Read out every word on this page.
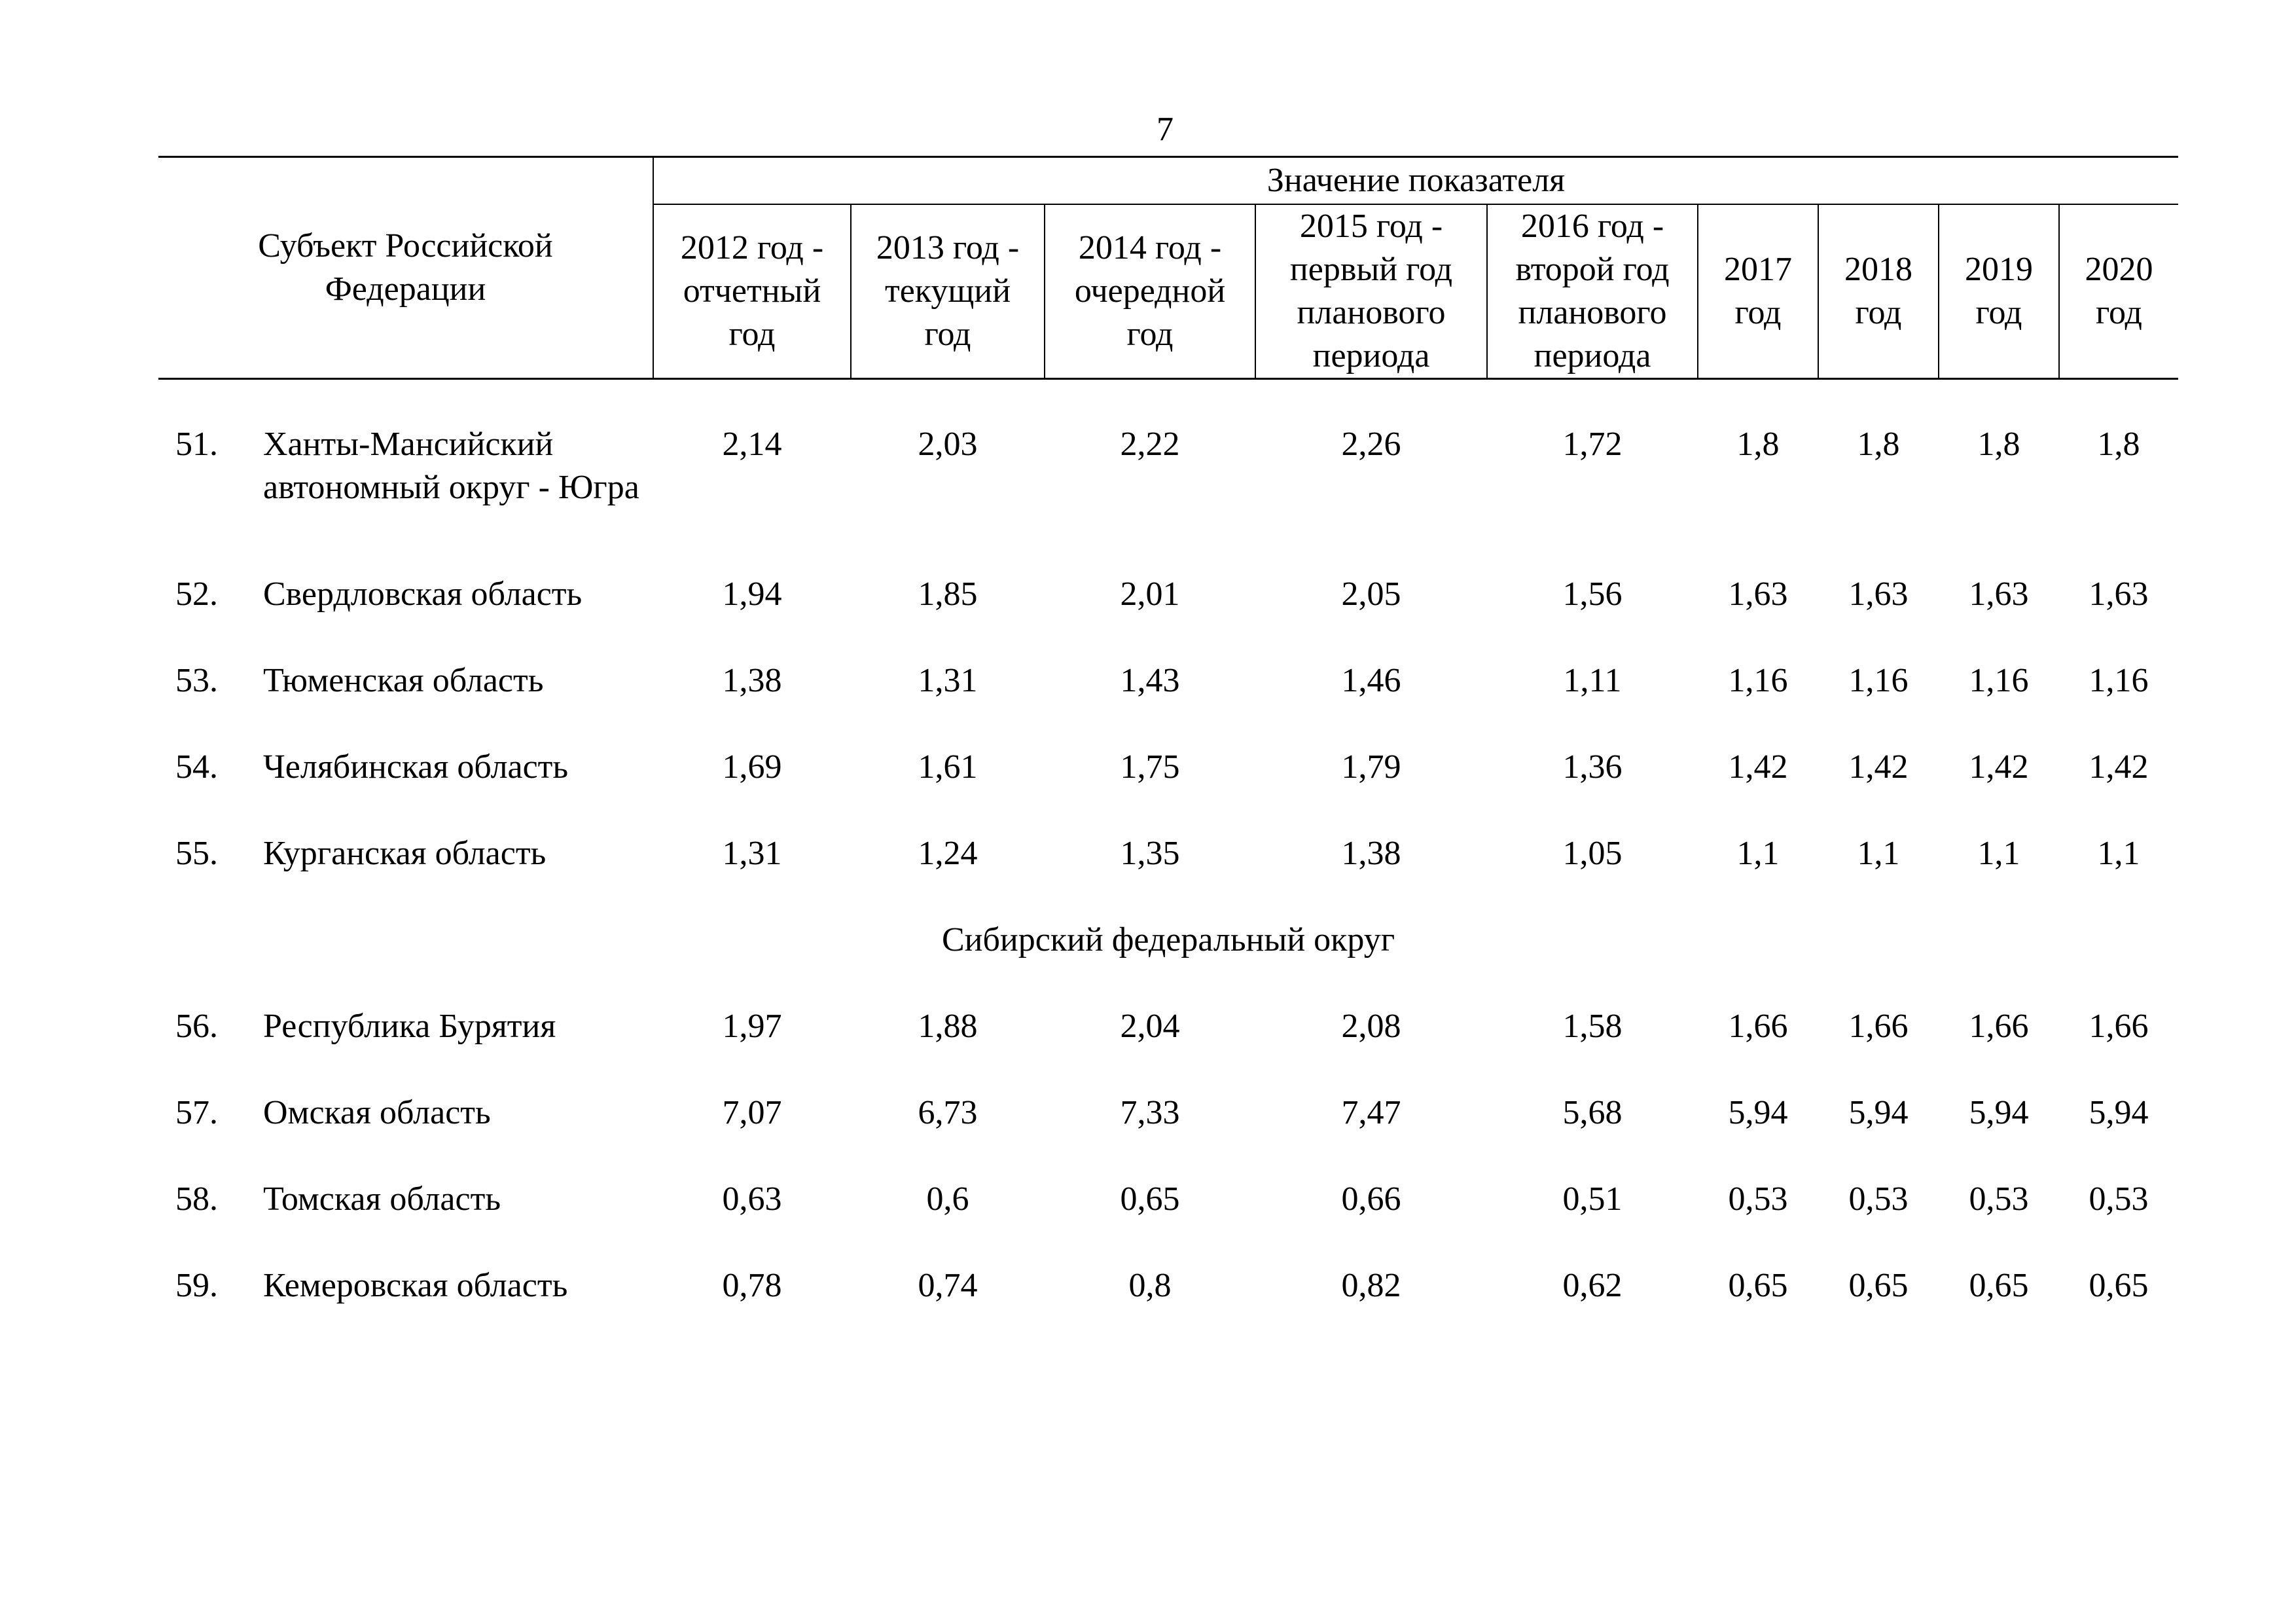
7
Субъект Российской Федерации		Значение показателя								
		2012 год - отчетный год	2013 год - текущий год	2014 год - очередной год	2015 год - первый год планового периода	2016 год - второй год планового периода	2017 год	2018 год	2019 год	2020 год
51.	Ханты-Мансийский автономный округ - Югра	2,14	2,03	2,22	2,26	1,72	1,8	1,8	1,8	1,8
52.	Свердловская область	1,94	1,85	2,01	2,05	1,56	1,63	1,63	1,63	1,63
53.	Тюменская область	1,38	1,31	1,43	1,46	1,11	1,16	1,16	1,16	1,16
54.	Челябинская область	1,69	1,61	1,75	1,79	1,36	1,42	1,42	1,42	1,42
55.	Курганская область	1,31	1,24	1,35	1,38	1,05	1,1	1,1	1,1	1,1
Сибирский федеральный округ										
56.	Республика Бурятия	1,97	1,88	2,04	2,08	1,58	1,66	1,66	1,66	1,66
57.	Омская область	7,07	6,73	7,33	7,47	5,68	5,94	5,94	5,94	5,94
58.	Томская область	0,63	0,6	0,65	0,66	0,51	0,53	0,53	0,53	0,53
59.	Кемеровская область	0,78	0,74	0,8	0,82	0,62	0,65	0,65	0,65	0,65
